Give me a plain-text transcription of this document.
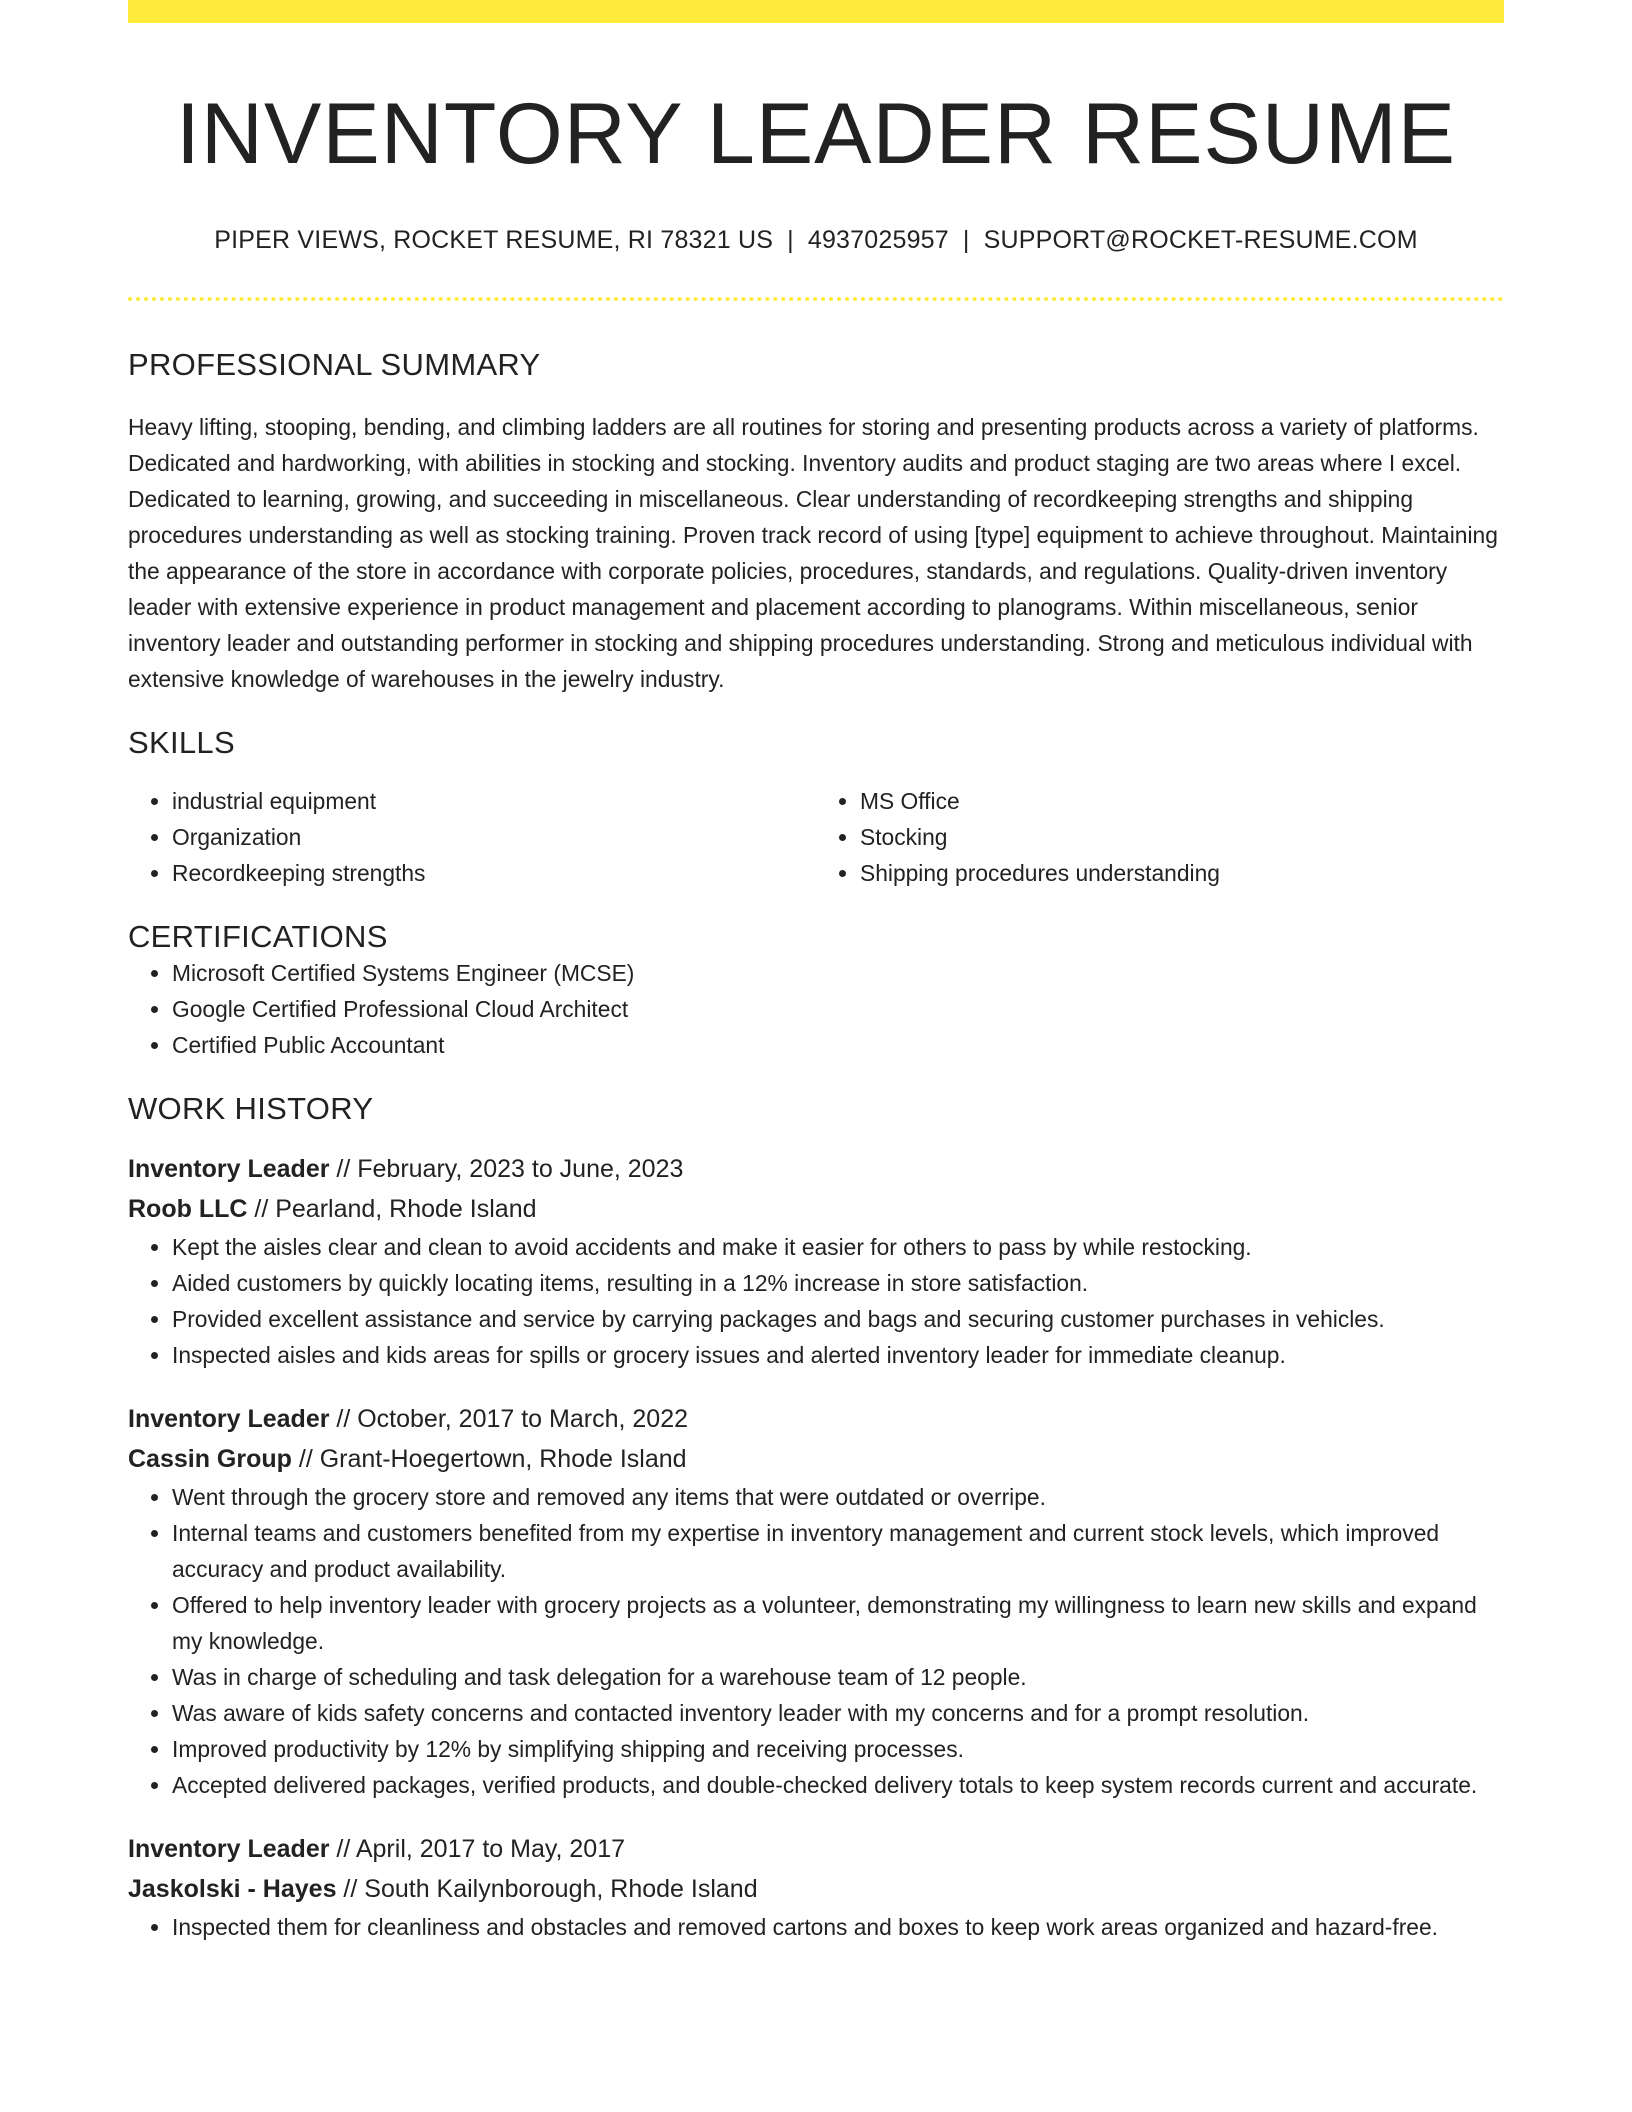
INVENTORY LEADER RESUME
PIPER VIEWS, ROCKET RESUME, RI 78321 US | 4937025957 | SUPPORT@ROCKET-RESUME.COM
PROFESSIONAL SUMMARY
Heavy lifting, stooping, bending, and climbing ladders are all routines for storing and presenting products across a variety of platforms. Dedicated and hardworking, with abilities in stocking and stocking. Inventory audits and product staging are two areas where I excel. Dedicated to learning, growing, and succeeding in miscellaneous. Clear understanding of recordkeeping strengths and shipping procedures understanding as well as stocking training. Proven track record of using [type] equipment to achieve throughout. Maintaining the appearance of the store in accordance with corporate policies, procedures, standards, and regulations. Quality-driven inventory leader with extensive experience in product management and placement according to planograms. Within miscellaneous, senior inventory leader and outstanding performer in stocking and shipping procedures understanding. Strong and meticulous individual with extensive knowledge of warehouses in the jewelry industry.
SKILLS
• industrial equipment
• Organization
• Recordkeeping strengths
• MS Office
• Stocking
• Shipping procedures understanding
CERTIFICATIONS
• Microsoft Certified Systems Engineer (MCSE)
• Google Certified Professional Cloud Architect
• Certified Public Accountant
WORK HISTORY
Inventory Leader // February, 2023 to June, 2023
Roob LLC // Pearland, Rhode Island
• Kept the aisles clear and clean to avoid accidents and make it easier for others to pass by while restocking.
• Aided customers by quickly locating items, resulting in a 12% increase in store satisfaction.
• Provided excellent assistance and service by carrying packages and bags and securing customer purchases in vehicles.
• Inspected aisles and kids areas for spills or grocery issues and alerted inventory leader for immediate cleanup.
Inventory Leader // October, 2017 to March, 2022
Cassin Group // Grant-Hoegertown, Rhode Island
• Went through the grocery store and removed any items that were outdated or overripe.
• Internal teams and customers benefited from my expertise in inventory management and current stock levels, which improved accuracy and product availability.
• Offered to help inventory leader with grocery projects as a volunteer, demonstrating my willingness to learn new skills and expand my knowledge.
• Was in charge of scheduling and task delegation for a warehouse team of 12 people.
• Was aware of kids safety concerns and contacted inventory leader with my concerns and for a prompt resolution.
• Improved productivity by 12% by simplifying shipping and receiving processes.
• Accepted delivered packages, verified products, and double-checked delivery totals to keep system records current and accurate.
Inventory Leader // April, 2017 to May, 2017
Jaskolski - Hayes // South Kailynborough, Rhode Island
• Inspected them for cleanliness and obstacles and removed cartons and boxes to keep work areas organized and hazard-free.
